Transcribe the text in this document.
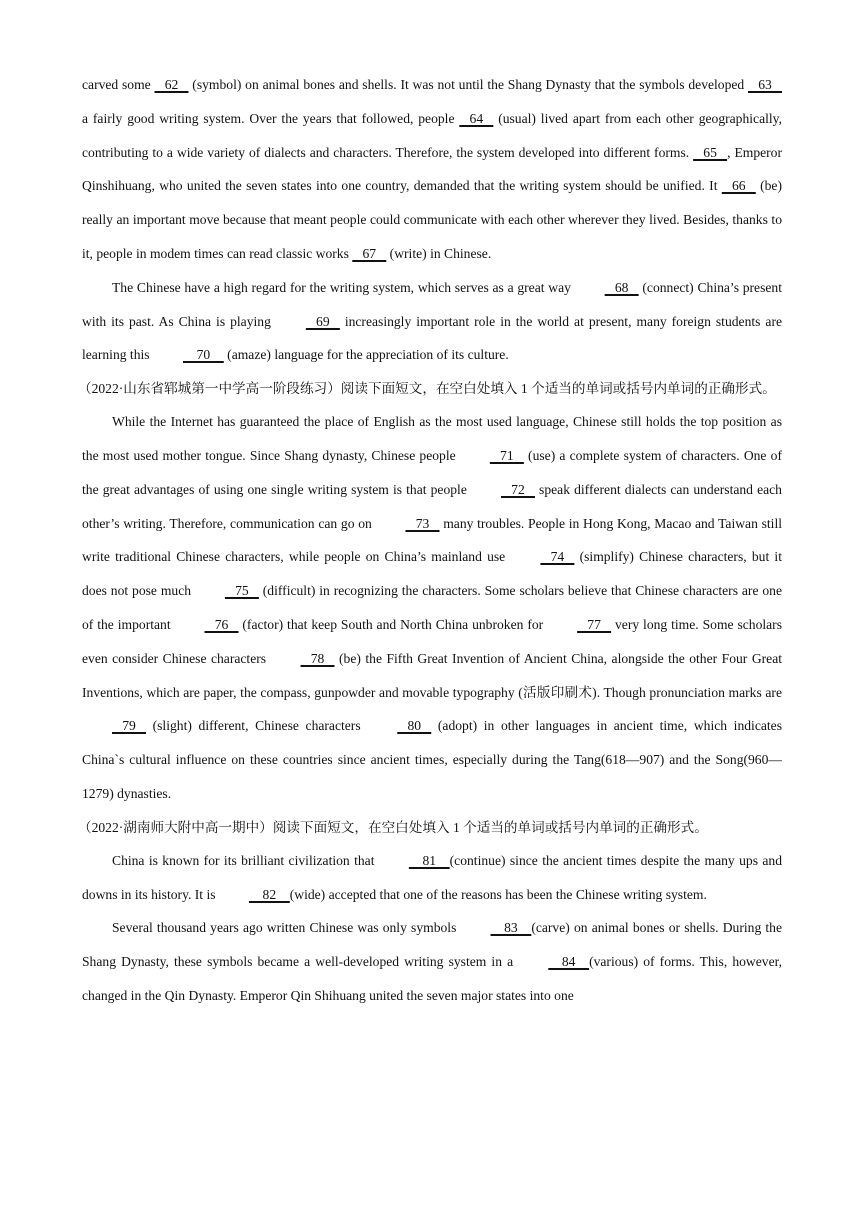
carved some    62    (symbol) on animal bones and shells. It was not until the Shang Dynasty that the symbols developed    63    a fairly good writing system. Over the years that followed, people    64    (usual) lived apart from each other geographically, contributing to a wide variety of dialects and characters. Therefore, the system developed into different forms.    65   , Emperor Qinshihuang, who united the seven states into one country, demanded that the writing system should be unified. It    66    (be) really an important move because that meant people could communicate with each other wherever they lived. Besides, thanks to it, people in modem times can read classic works    67    (write) in Chinese.

The Chinese have a high regard for the writing system, which serves as a great way    68    (connect) China’s present with its past. As China is playing    69    increasingly important role in the world at present, many foreign students are learning this     70     (amaze) language for the appreciation of its culture.

（2022·山东省郓城第一中学高一阶段练习）阅读下面短文，在空白处填入 1 个适当的单词或括号内单词的正确形式。

While the Internet has guaranteed the place of English as the most used language, Chinese still holds the top position as the most used mother tongue. Since Shang dynasty, Chinese people    71    (use) a complete system of characters. One of the great advantages of using one single writing system is that people    72    speak different dialects can understand each other’s writing. Therefore, communication can go on    73    many troubles. People in Hong Kong, Macao and Taiwan still write traditional Chinese characters, while people on China’s mainland use    74    (simplify) Chinese characters, but it does not pose much    75    (difficult) in recognizing the characters. Some scholars believe that Chinese characters are one of the important    76    (factor) that keep South and North China unbroken for    77    very long time. Some scholars even consider Chinese characters    78    (be) the Fifth Great Invention of Ancient China, alongside the other Four Great Inventions, which are paper, the compass, gunpowder and movable typography (活版印刷术). Though pronunciation marks are    79    (slight) different, Chinese characters    80    (adopt) in other languages in ancient time, which indicates China`s cultural influence on these countries since ancient times, especially during the Tang(618—907) and the Song(960—1279) dynasties.

（2022·湖南师大附中高一期中）阅读下面短文，在空白处填入 1 个适当的单词或括号内单词的正确形式。

China is known for its brilliant civilization that     81    (continue) since the ancient times despite the many ups and downs in its history. It is     82    (wide) accepted that one of the reasons has been the Chinese writing system.

Several thousand years ago written Chinese was only symbols     83    (carve) on animal bones or shells. During the Shang Dynasty, these symbols became a well-developed writing system in a     84    (various) of forms. This, however, changed in the Qin Dynasty. Emperor Qin Shihuang united the seven major states into one
